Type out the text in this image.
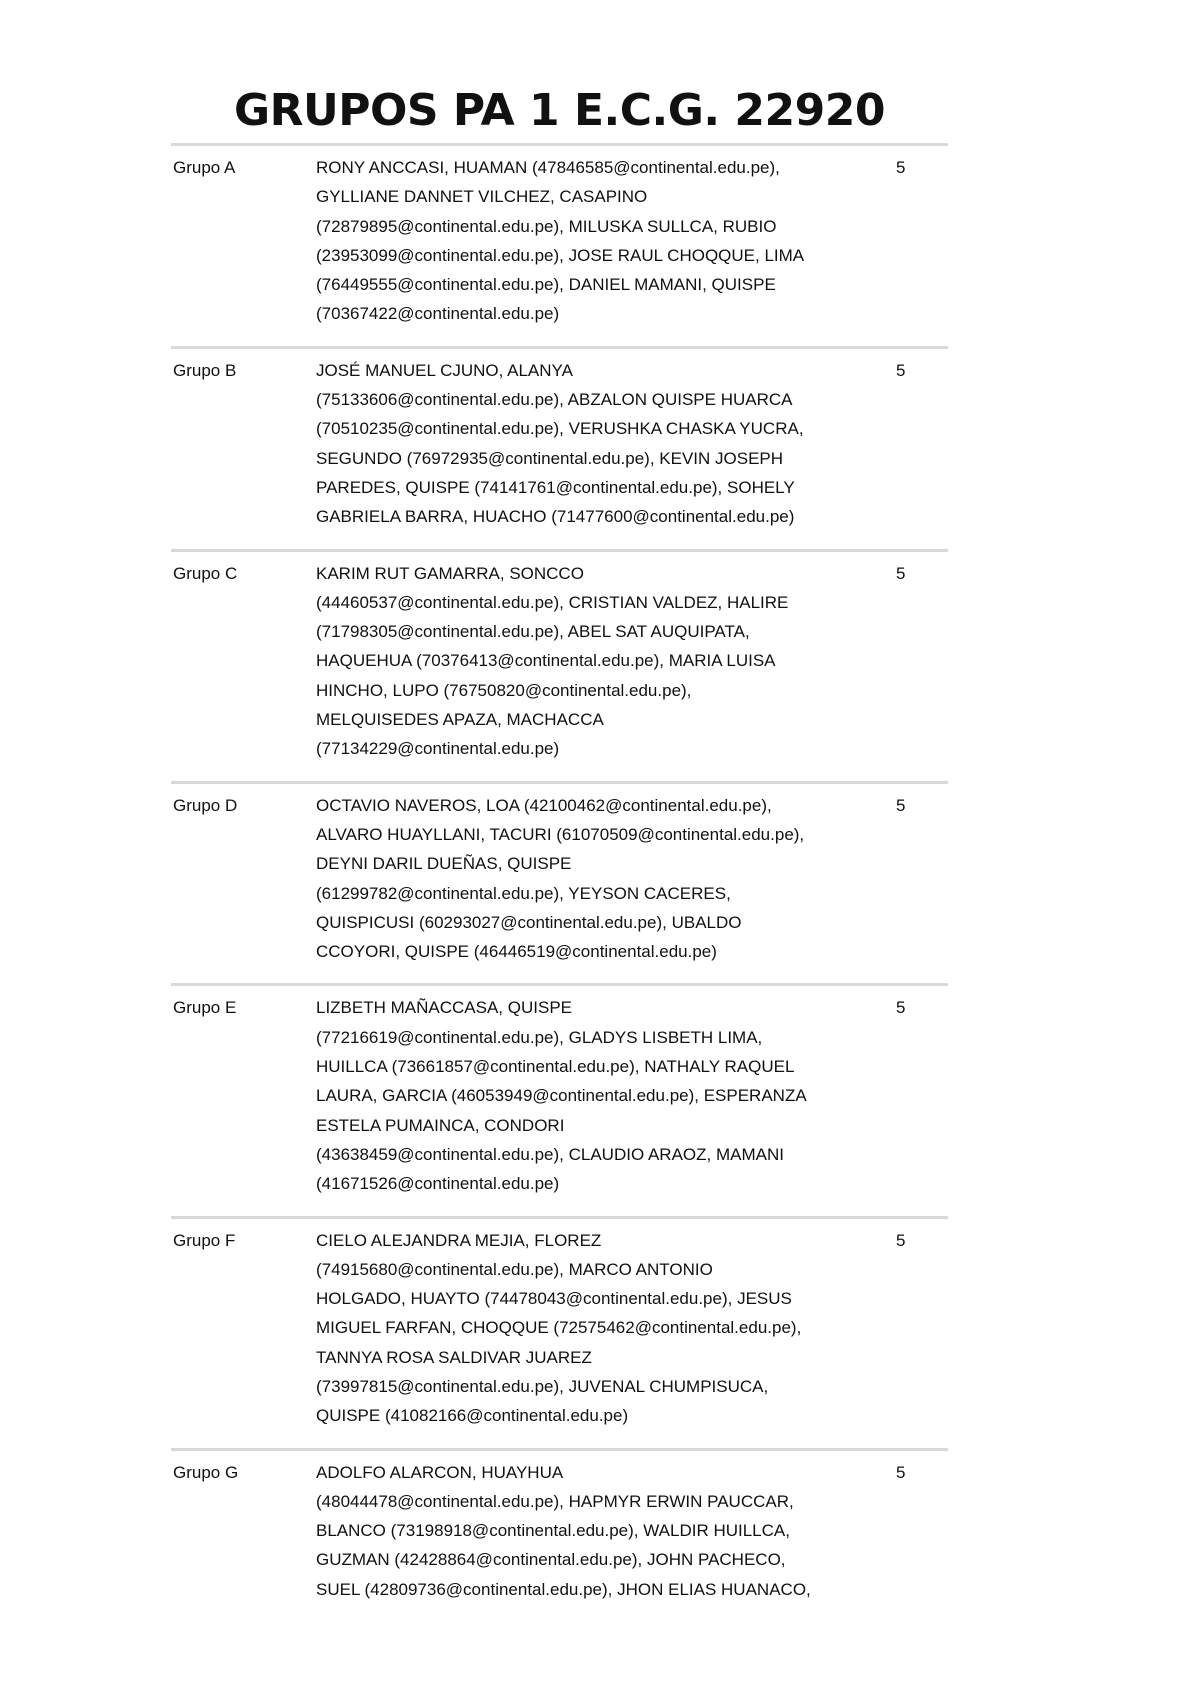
GRUPOS PA 1 E.C.G. 22920
Grupo A	RONY ANCCASI, HUAMAN (47846585@continental.edu.pe),
GYLLIANE DANNET VILCHEZ, CASAPINO
(72879895@continental.edu.pe), MILUSKA SULLCA, RUBIO
(23953099@continental.edu.pe), JOSE RAUL CHOQQUE, LIMA
(76449555@continental.edu.pe), DANIEL MAMANI, QUISPE
(70367422@continental.edu.pe)
5
Grupo B	JOSÉ MANUEL CJUNO, ALANYA
(75133606@continental.edu.pe), ABZALON QUISPE HUARCA
(70510235@continental.edu.pe), VERUSHKA CHASKA YUCRA,
SEGUNDO (76972935@continental.edu.pe), KEVIN JOSEPH
PAREDES, QUISPE (74141761@continental.edu.pe), SOHELY
GABRIELA BARRA, HUACHO (71477600@continental.edu.pe)
5
Grupo C	KARIM RUT GAMARRA, SONCCO
(44460537@continental.edu.pe), CRISTIAN VALDEZ, HALIRE
(71798305@continental.edu.pe), ABEL SAT AUQUIPATA,
HAQUEHUA (70376413@continental.edu.pe), MARIA LUISA
HINCHO, LUPO (76750820@continental.edu.pe),
MELQUISEDES APAZA, MACHACCA
(77134229@continental.edu.pe)
5
Grupo D	OCTAVIO NAVEROS, LOA (42100462@continental.edu.pe),
ALVARO HUAYLLANI, TACURI (61070509@continental.edu.pe),
DEYNI DARIL DUEÑAS, QUISPE
(61299782@continental.edu.pe), YEYSON CACERES,
QUISPICUSI (60293027@continental.edu.pe), UBALDO
CCOYORI, QUISPE (46446519@continental.edu.pe)
5
Grupo E	LIZBETH MAÑACCASA, QUISPE
(77216619@continental.edu.pe), GLADYS LISBETH LIMA,
HUILLCA (73661857@continental.edu.pe), NATHALY RAQUEL
LAURA, GARCIA (46053949@continental.edu.pe), ESPERANZA
ESTELA PUMAINCA, CONDORI
(43638459@continental.edu.pe), CLAUDIO ARAOZ, MAMANI
(41671526@continental.edu.pe)
5
Grupo F	CIELO ALEJANDRA MEJIA, FLOREZ
(74915680@continental.edu.pe), MARCO ANTONIO
HOLGADO, HUAYTO (74478043@continental.edu.pe), JESUS
MIGUEL FARFAN, CHOQQUE (72575462@continental.edu.pe),
TANNYA ROSA SALDIVAR JUAREZ
(73997815@continental.edu.pe), JUVENAL CHUMPISUCA,
QUISPE (41082166@continental.edu.pe)
5
Grupo G	ADOLFO ALARCON, HUAYHUA
(48044478@continental.edu.pe), HAPMYR ERWIN PAUCCAR,
BLANCO (73198918@continental.edu.pe), WALDIR HUILLCA,
GUZMAN (42428864@continental.edu.pe), JOHN PACHECO,
SUEL (42809736@continental.edu.pe), JHON ELIAS HUANACO,
5
